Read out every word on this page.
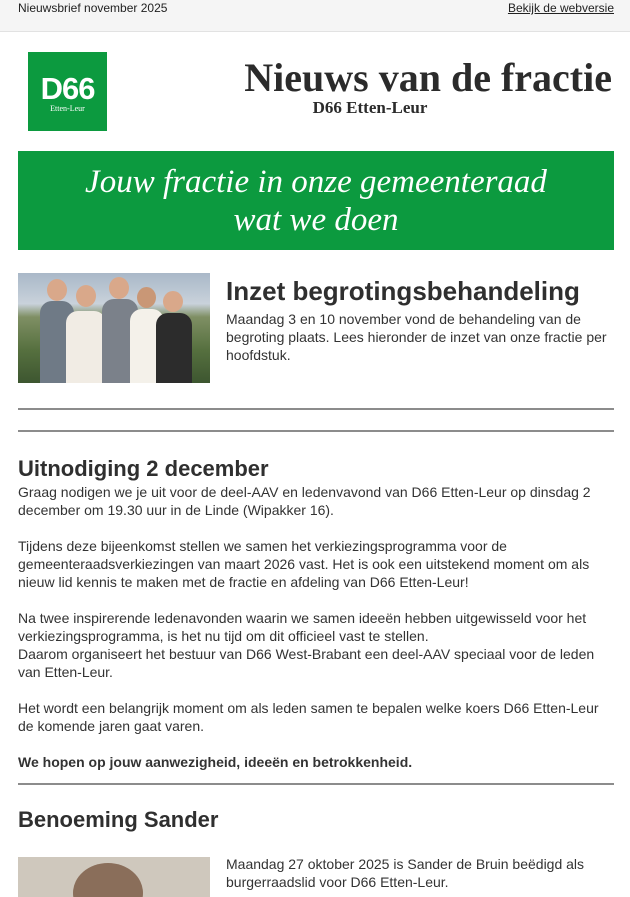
Nieuwsbrief november 2025	Bekijk de webversie
D66
Etten-Leur
Nieuws van de fractie
D66 Etten-Leur
Jouw fractie in onze gemeenteraad
wat we doen
Inzet begrotingsbehandeling
Maandag 3 en 10 november vond de behandeling van de begroting plaats. Lees hieronder de inzet van onze fractie per hoofdstuk.
Uitnodiging 2 december

Graag nodigen we je uit voor de deel-AAV en ledenvavond van D66 Etten-Leur op dinsdag 2 december om 19.30 uur in de Linde (Wipakker 16).

Tijdens deze bijeenkomst stellen we samen het verkiezingsprogramma voor de gemeenteraadsverkiezingen van maart 2026 vast. Het is ook een uitstekend moment om als nieuw lid kennis te maken met de fractie en afdeling van D66 Etten-Leur!

Na twee inspirerende ledenavonden waarin we samen ideeën hebben uitgewisseld voor het verkiezingsprogramma, is het nu tijd om dit officieel vast te stellen.

Daarom organiseert het bestuur van D66 West-Brabant een deel-AAV speciaal voor de leden van Etten-Leur.

Het wordt een belangrijk moment om als leden samen te bepalen welke koers D66 Etten-Leur de komende jaren gaat varen.

We hopen op jouw aanwezigheid, ideeën en betrokkenheid.

Benoeming Sander
Maandag 27 oktober 2025 is Sander de Bruin beëdigd als burgerraadslid voor D66 Etten-Leur.
